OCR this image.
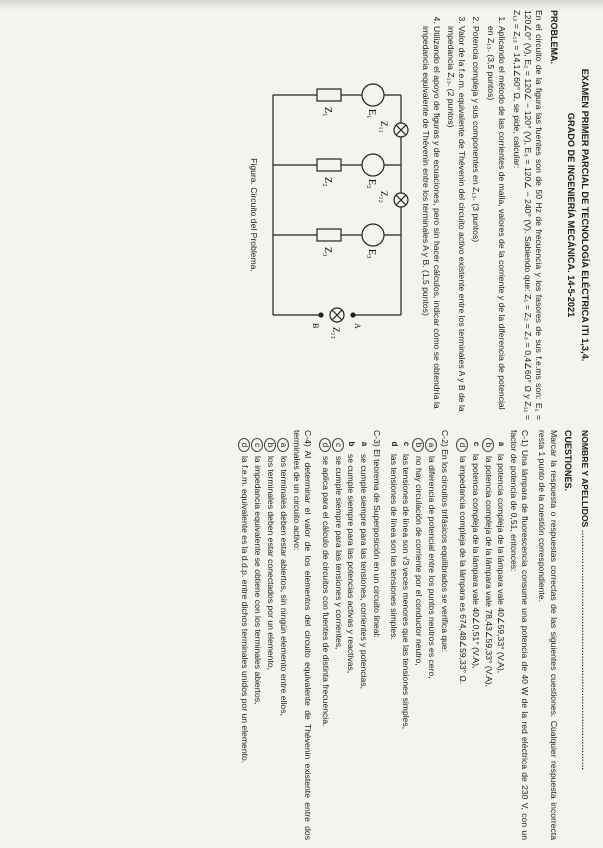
EXAMEN PRIMER PARCIAL DE TECNOLOGÍA ELÉCTRICA ITI 1,3,4.
GRADO DE INGENIERÍA MECÁNICA. 14-5-2021
PROBLEMA.

En el circuito de la figura las fuentes son de 50 Hz de frecuencia y los fasores de sus f.e.ms son: E₁ = 120∠0° (V), E₂ = 120∠ − 120° (V), E₃ = 120∠ − 240° (V). Sabiendo que: Z₁ = Z₂ = Z₃ = 0,4∠60° Ω y Z₁₁ = Z₁₂ = Z₁₃ = 14,1∠60° Ω, se pide, calcular:

1. Aplicando el método de las corrientes de malla, valores de la corriente y de la diferencia de potencial en Z₁₃. (3,5 puntos)
2. Potencia compleja y sus componentes en Z₁₃. (3 puntos)
3. Valor de la f.e.m. equivalente de Thévenin del circuito activo existente entre los terminales A y B de la impedancia Z₁₃. (2 puntos)
4. Utilizando el apoyo de figuras y de ecuaciones, pero sin hacer cálculos, indicar cómo se obtendría la impedancia equivalente de Thévenin entre los terminales A y B. (1,5 puntos)
E₁
E₂
E₃
Z₁
Z₂
Z₃
Z₁₁
Z₁₂
Z₁₃
A
B
Figura. Circuito del Problema.
NOMBRE Y APELLIDOS …………………………………………………………………………
CUESTIONES.

Marcar la respuesta o respuestas correctas de las siguientes cuestiones. Cualquier respuesta incorrecta resta 1 punto de la cuestión correspondiente.

C-1) Una lámpara de fluorescencia consume una potencia de 40 W de la red eléctrica de 230 V, con un factor de potencia de 0,51, entonces:
a
la potencia compleja de la lámpara vale 40∠59,33° (V.A),
b
la potencia compleja de la lámpara vale 78,43∠59,33° (V.A),
c
la potencia compleja de la lámpara vale 40∠0,51° (V.A),
d
la impedancia compleja de la lámpara es 674,48∠59,33° Ω.
C-2) En los circuitos trifásicos equilibrados se verifica que:
a
la diferencia de potencial entre los puntos neutros es cero,
b
no hay circulación de corriente por el conductor neutro,
c
las tensiones de línea son √3 veces menores que las tensiones simples,
d
las tensiones de línea son las tensiones simples.
C-3) El teorema de Superposición en un circuito lineal:
a
se cumple siempre para las tensiones, corrientes y potencias,
b
se cumple siempre para las potencias activas y reactivas,
c
se cumple siempre para las tensiones y corrientes,
d
se aplica para el cálculo de circuitos con fuentes de distinta frecuencia.
C-4) Al determinar el valor de los elementos del circuito equivalente de Thévenin existente entre dos terminales de un circuito activo:
a
los terminales deben estar abiertos, sin ningún elemento entre ellos,
b
los terminales deben estar conectados por un elemento,
c
la impedancia equivalente se obtiene con los terminales abiertos,
d
la f.e.m. equivalente es la d.d.p. entre dichos terminales unidos por un elemento.
